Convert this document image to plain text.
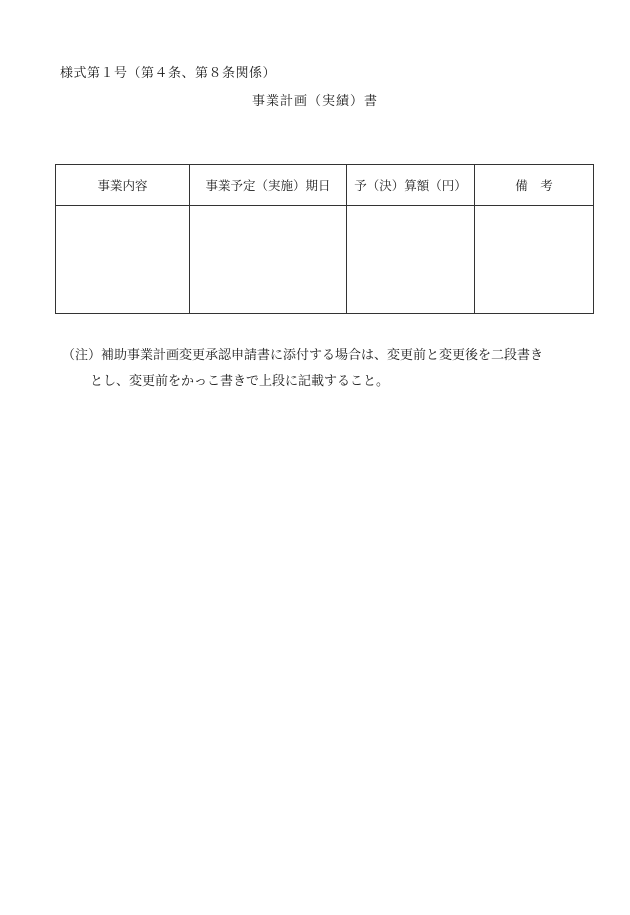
様式第１号（第４条、第８条関係）
事業計画（実績）書
事業内容	事業予定（実施）期日	予（決）算額（円）	備　考

（注）補助事業計画変更承認申請書に添付する場合は、変更前と変更後を二段書き
とし、変更前をかっこ書きで上段に記載すること。
